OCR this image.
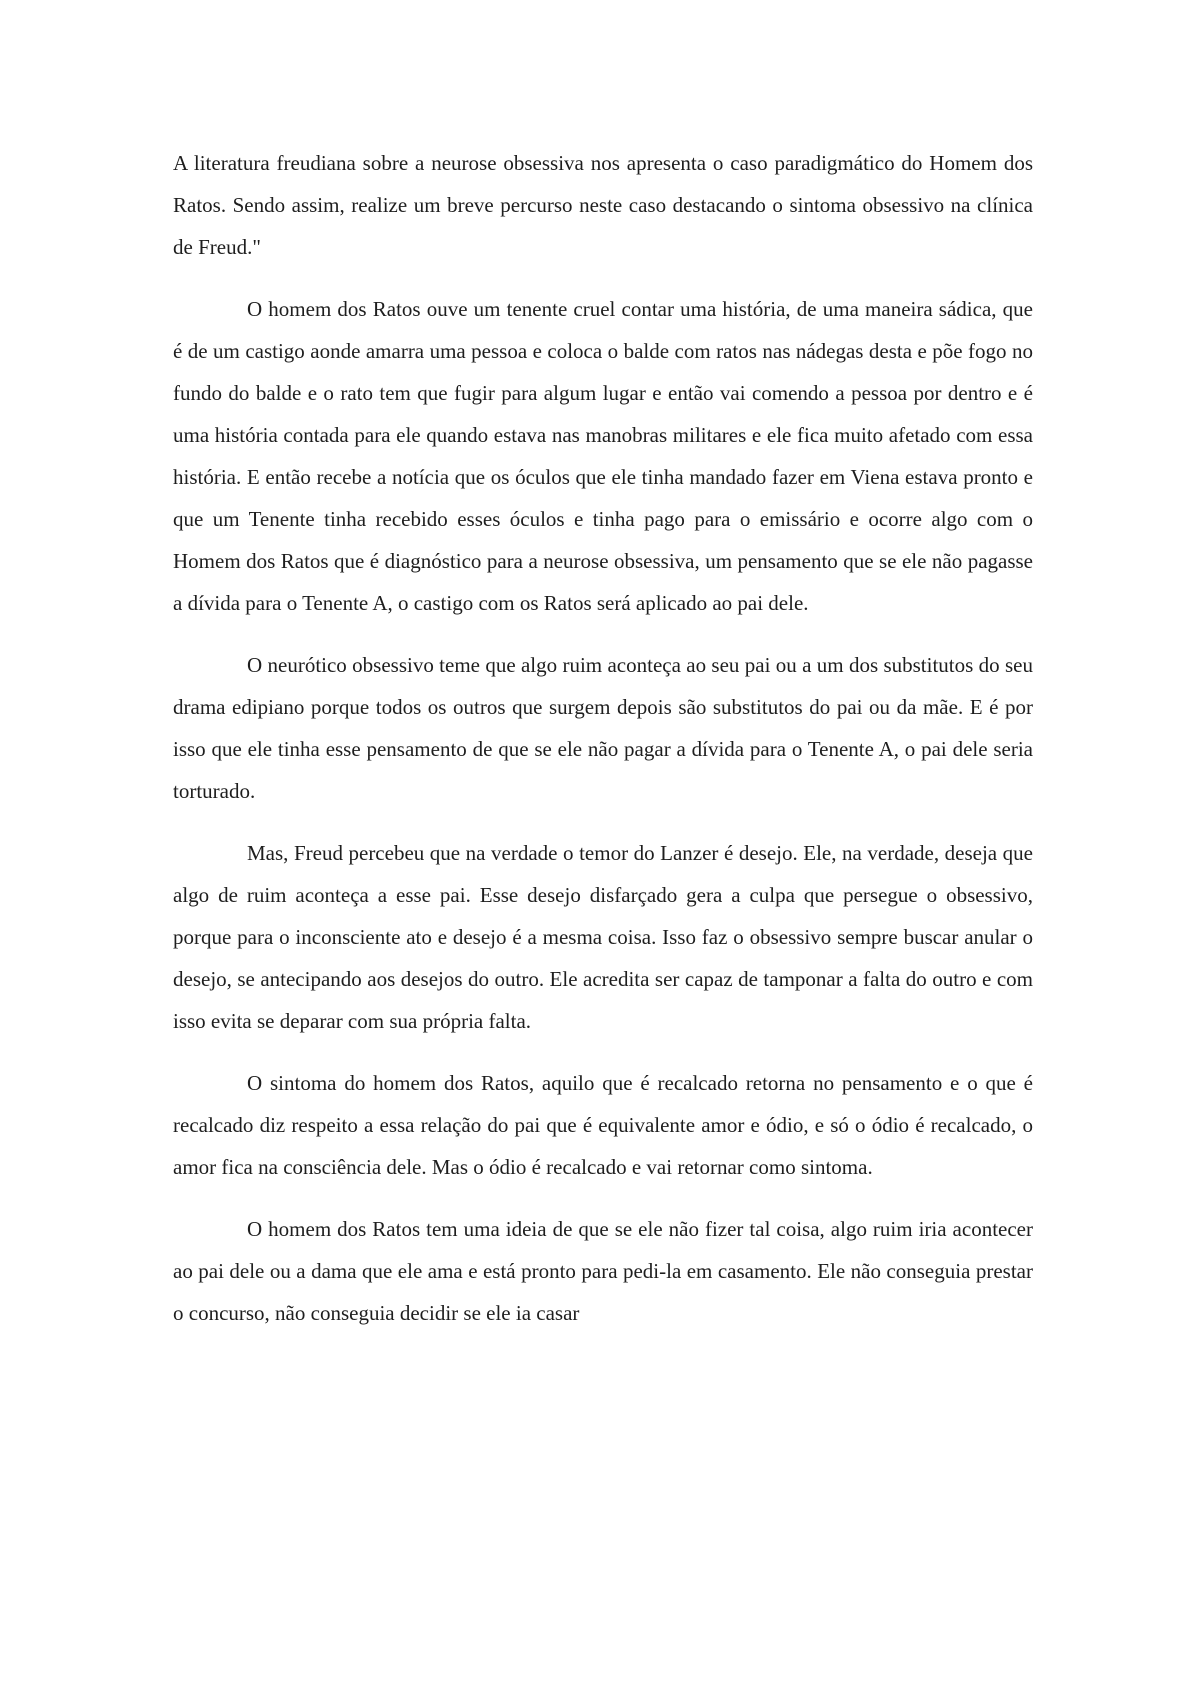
A literatura freudiana sobre a neurose obsessiva nos apresenta o caso paradigmático do Homem dos Ratos. Sendo assim, realize um breve percurso neste caso destacando o sintoma obsessivo na clínica de Freud."

O homem dos Ratos ouve um tenente cruel contar uma história, de uma maneira sádica, que é de um castigo aonde amarra uma pessoa e coloca o balde com ratos nas nádegas desta e põe fogo no fundo do balde e o rato tem que fugir para algum lugar e então vai comendo a pessoa por dentro e é uma história contada para ele quando estava nas manobras militares e ele fica muito afetado com essa história. E então recebe a notícia que os óculos que ele tinha mandado fazer em Viena estava pronto e que um Tenente tinha recebido esses óculos e tinha pago para o emissário e ocorre algo com o Homem dos Ratos que é diagnóstico para a neurose obsessiva, um pensamento que se ele não pagasse a dívida para o Tenente A, o castigo com os Ratos será aplicado ao pai dele.

O neurótico obsessivo teme que algo ruim aconteça ao seu pai ou a um dos substitutos do seu drama edipiano porque todos os outros que surgem depois são substitutos do pai ou da mãe. E é por isso que ele tinha esse pensamento de que se ele não pagar a dívida para o Tenente A, o pai dele seria torturado.

Mas, Freud percebeu que na verdade o temor do Lanzer é desejo. Ele, na verdade, deseja que algo de ruim aconteça a esse pai. Esse desejo disfarçado gera a culpa que persegue o obsessivo, porque para o inconsciente ato e desejo é a mesma coisa. Isso faz o obsessivo sempre buscar anular o desejo, se antecipando aos desejos do outro. Ele acredita ser capaz de tamponar a falta do outro e com isso evita se deparar com sua própria falta.

O sintoma do homem dos Ratos, aquilo que é recalcado retorna no pensamento e o que é recalcado diz respeito a essa relação do pai que é equivalente amor e ódio, e só o ódio é recalcado, o amor fica na consciência dele. Mas o ódio é recalcado e vai retornar como sintoma.

O homem dos Ratos tem uma ideia de que se ele não fizer tal coisa, algo ruim iria acontecer ao pai dele ou a dama que ele ama e está pronto para pedi-la em casamento. Ele não conseguia prestar o concurso, não conseguia decidir se ele ia casar
